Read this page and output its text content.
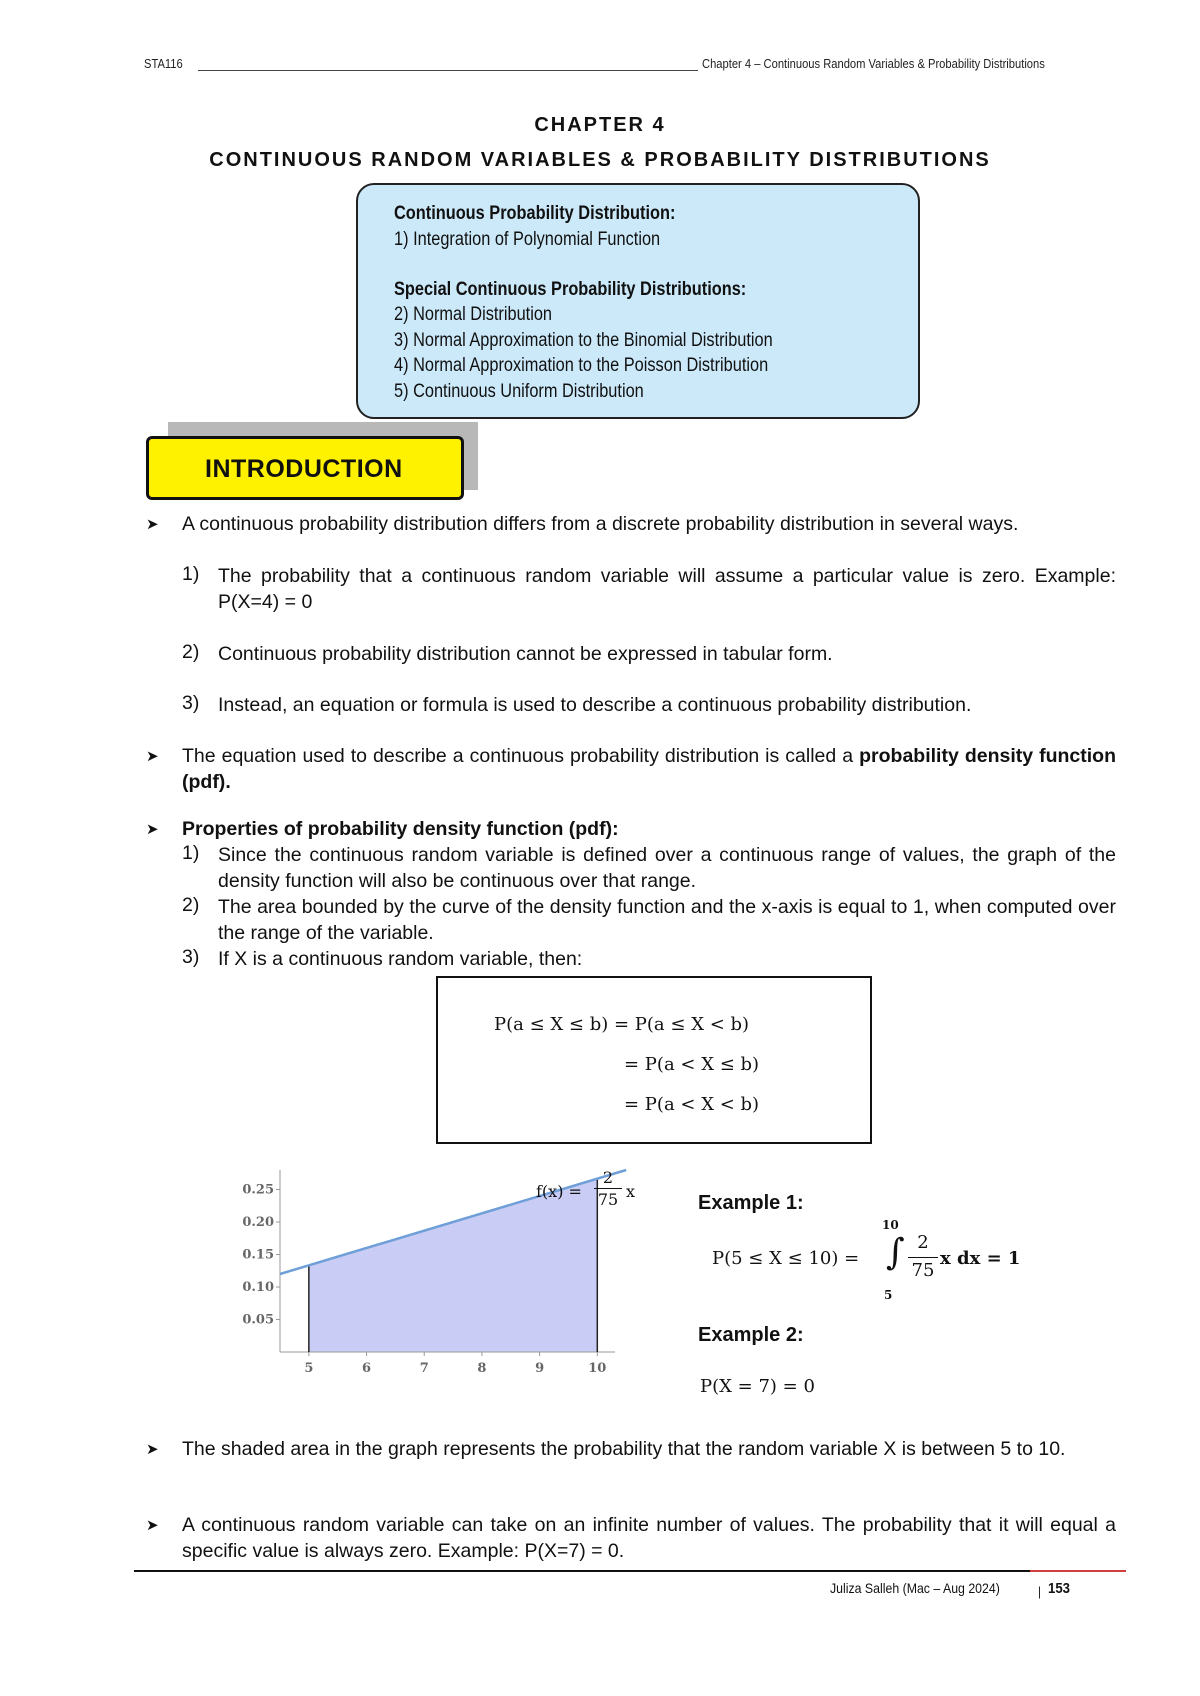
STA116	Chapter 4 – Continuous Random Variables & Probability Distributions
CHAPTER 4
CONTINUOUS RANDOM VARIABLES & PROBABILITY DISTRIBUTIONS
Continuous Probability Distribution:
1) Integration of Polynomial Function
Special Continuous Probability Distributions:
2) Normal Distribution
3) Normal Approximation to the Binomial Distribution
4) Normal Approximation to the Poisson Distribution
5) Continuous Uniform Distribution
INTRODUCTION
➤ A continuous probability distribution differs from a discrete probability distribution in several ways.
1) The probability that a continuous random variable will assume a particular value is zero. Example: P(X=4) = 0
2) Continuous probability distribution cannot be expressed in tabular form.
3) Instead, an equation or formula is used to describe a continuous probability distribution.
➤ The equation used to describe a continuous probability distribution is called a probability density function (pdf).
➤ Properties of probability density function (pdf):
1) Since the continuous random variable is defined over a continuous range of values, the graph of the density function will also be continuous over that range.
2) The area bounded by the curve of the density function and the x-axis is equal to 1, when computed over the range of the variable.
3) If X is a continuous random variable, then:
P(a ≤ X ≤ b) = P(a ≤ X < b)
= P(a < X ≤ b)
= P(a < X < b)
5	6	7	8	9	10
0.05
0.10
0.15
0.20
0.25	f(x) =
2
75 x
Example 1:
P(5 ≤ X ≤ 10) =
10
∫
5
2
75
x dx = 1
Example 2:
P(X = 7) = 0
➤ The shaded area in the graph represents the probability that the random variable X is between 5 to 10.
➤ A continuous random variable can take on an infinite number of values. The probability that it will equal a specific value is always zero. Example: P(X=7) = 0.
Juliza Salleh (Mac – Aug 2024)	| 153
